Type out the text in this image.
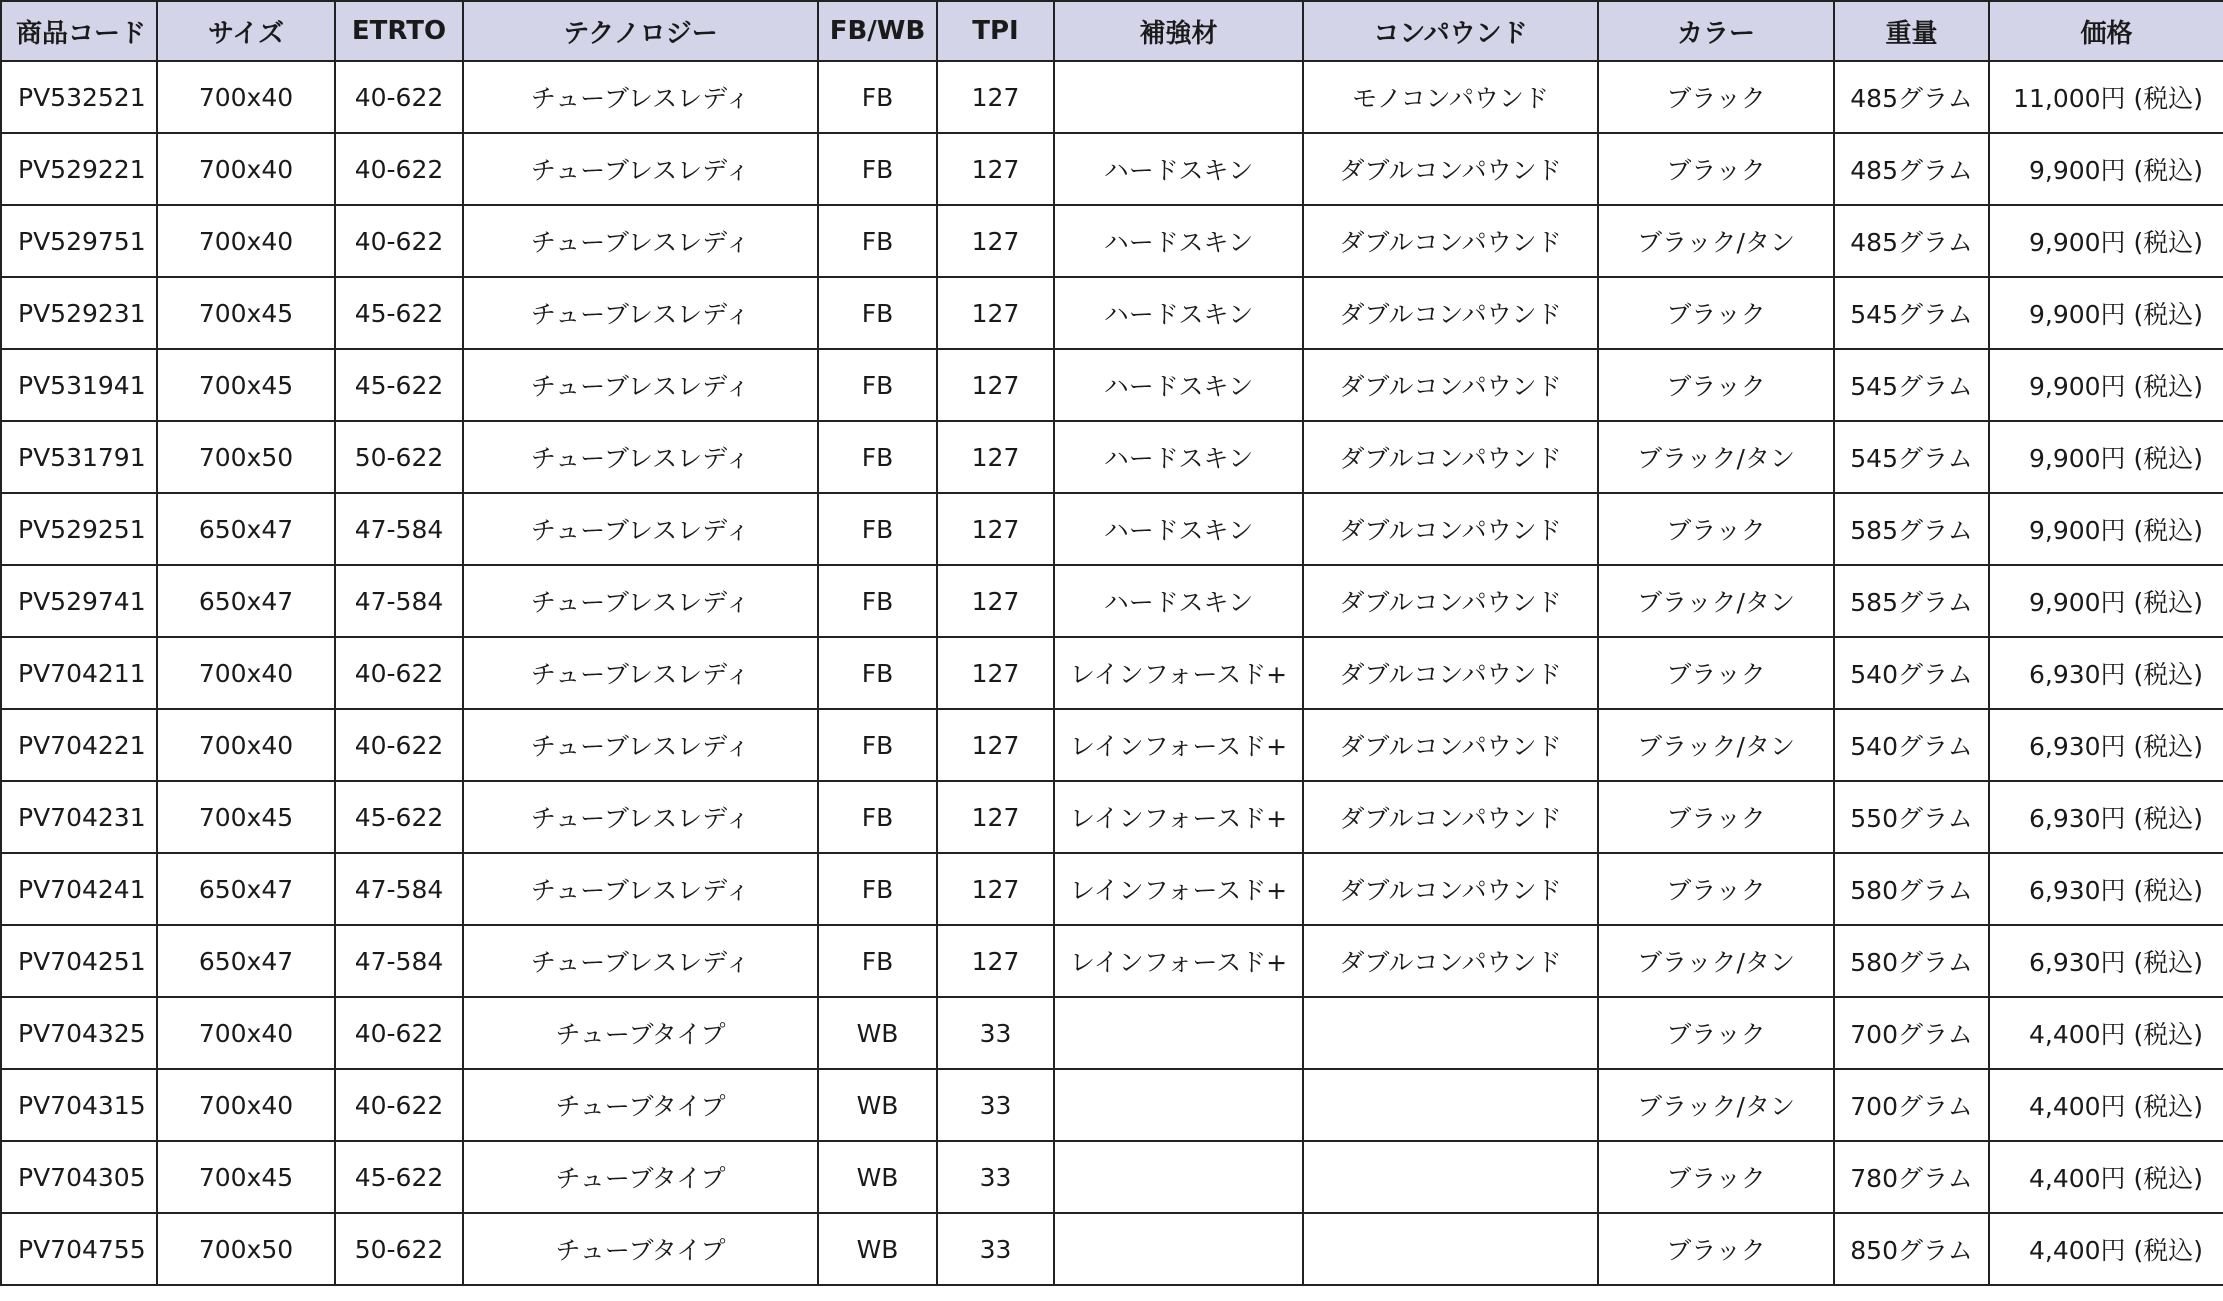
商品コード	サイズ	ETRTO	テクノロジー	FB/WB	TPI	補強材	コンパウンド	カラー	重量	価格
PV532521	700x40	40-622	チューブレスレディ	FB	127		モノコンパウンド	ブラック	485グラム	11,000円 (税込)
PV529221	700x40	40-622	チューブレスレディ	FB	127	ハードスキン	ダブルコンパウンド	ブラック	485グラム	9,900円 (税込)
PV529751	700x40	40-622	チューブレスレディ	FB	127	ハードスキン	ダブルコンパウンド	ブラック/タン	485グラム	9,900円 (税込)
PV529231	700x45	45-622	チューブレスレディ	FB	127	ハードスキン	ダブルコンパウンド	ブラック	545グラム	9,900円 (税込)
PV531941	700x45	45-622	チューブレスレディ	FB	127	ハードスキン	ダブルコンパウンド	ブラック	545グラム	9,900円 (税込)
PV531791	700x50	50-622	チューブレスレディ	FB	127	ハードスキン	ダブルコンパウンド	ブラック/タン	545グラム	9,900円 (税込)
PV529251	650x47	47-584	チューブレスレディ	FB	127	ハードスキン	ダブルコンパウンド	ブラック	585グラム	9,900円 (税込)
PV529741	650x47	47-584	チューブレスレディ	FB	127	ハードスキン	ダブルコンパウンド	ブラック/タン	585グラム	9,900円 (税込)
PV704211	700x40	40-622	チューブレスレディ	FB	127	レインフォースド+	ダブルコンパウンド	ブラック	540グラム	6,930円 (税込)
PV704221	700x40	40-622	チューブレスレディ	FB	127	レインフォースド+	ダブルコンパウンド	ブラック/タン	540グラム	6,930円 (税込)
PV704231	700x45	45-622	チューブレスレディ	FB	127	レインフォースド+	ダブルコンパウンド	ブラック	550グラム	6,930円 (税込)
PV704241	650x47	47-584	チューブレスレディ	FB	127	レインフォースド+	ダブルコンパウンド	ブラック	580グラム	6,930円 (税込)
PV704251	650x47	47-584	チューブレスレディ	FB	127	レインフォースド+	ダブルコンパウンド	ブラック/タン	580グラム	6,930円 (税込)
PV704325	700x40	40-622	チューブタイプ	WB	33			ブラック	700グラム	4,400円 (税込)
PV704315	700x40	40-622	チューブタイプ	WB	33			ブラック/タン	700グラム	4,400円 (税込)
PV704305	700x45	45-622	チューブタイプ	WB	33			ブラック	780グラム	4,400円 (税込)
PV704755	700x50	50-622	チューブタイプ	WB	33			ブラック	850グラム	4,400円 (税込)
